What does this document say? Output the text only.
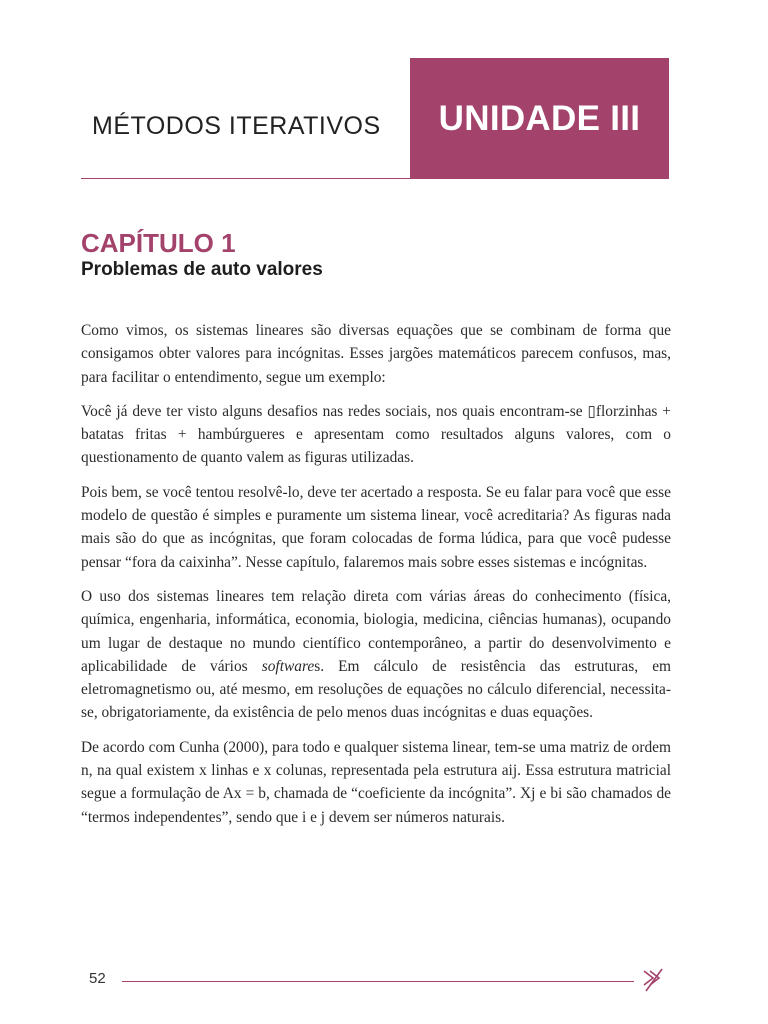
MÉTODOS ITERATIVOS UNIDADE III
CAPÍTULO 1
Problemas de auto valores

Como vimos, os sistemas lineares são diversas equações que se combinam de forma que consigamos obter valores para incógnitas. Esses jargões matemáticos parecem confusos, mas, para facilitar o entendimento, segue um exemplo:

Você já deve ter visto alguns desafios nas redes sociais, nos quais encontram-se ▯florzinhas + batatas fritas + hambúrgueres e apresentam como resultados alguns valores, com o questionamento de quanto valem as figuras utilizadas.

Pois bem, se você tentou resolvê-lo, deve ter acertado a resposta. Se eu falar para você que esse modelo de questão é simples e puramente um sistema linear, você acreditaria? As figuras nada mais são do que as incógnitas, que foram colocadas de forma lúdica, para que você pudesse pensar “fora da caixinha”. Nesse capítulo, falaremos mais sobre esses sistemas e incógnitas.

O uso dos sistemas lineares tem relação direta com várias áreas do conhecimento (física, química, engenharia, informática, economia, biologia, medicina, ciências humanas), ocupando um lugar de destaque no mundo científico contemporâneo, a partir do desenvolvimento e aplicabilidade de vários softwares. Em cálculo de resistência das estruturas, em eletromagnetismo ou, até mesmo, em resoluções de equações no cálculo diferencial, necessita-se, obrigatoriamente, da existência de pelo menos duas incógnitas e duas equações.

De acordo com Cunha (2000), para todo e qualquer sistema linear, tem-se uma matriz de ordem n, na qual existem x linhas e x colunas, representada pela estrutura aij. Essa estrutura matricial segue a formulação de Ax = b, chamada de “coeficiente da incógnita”. Xj e bi são chamados de “termos independentes”, sendo que i e j devem ser números naturais.

52
